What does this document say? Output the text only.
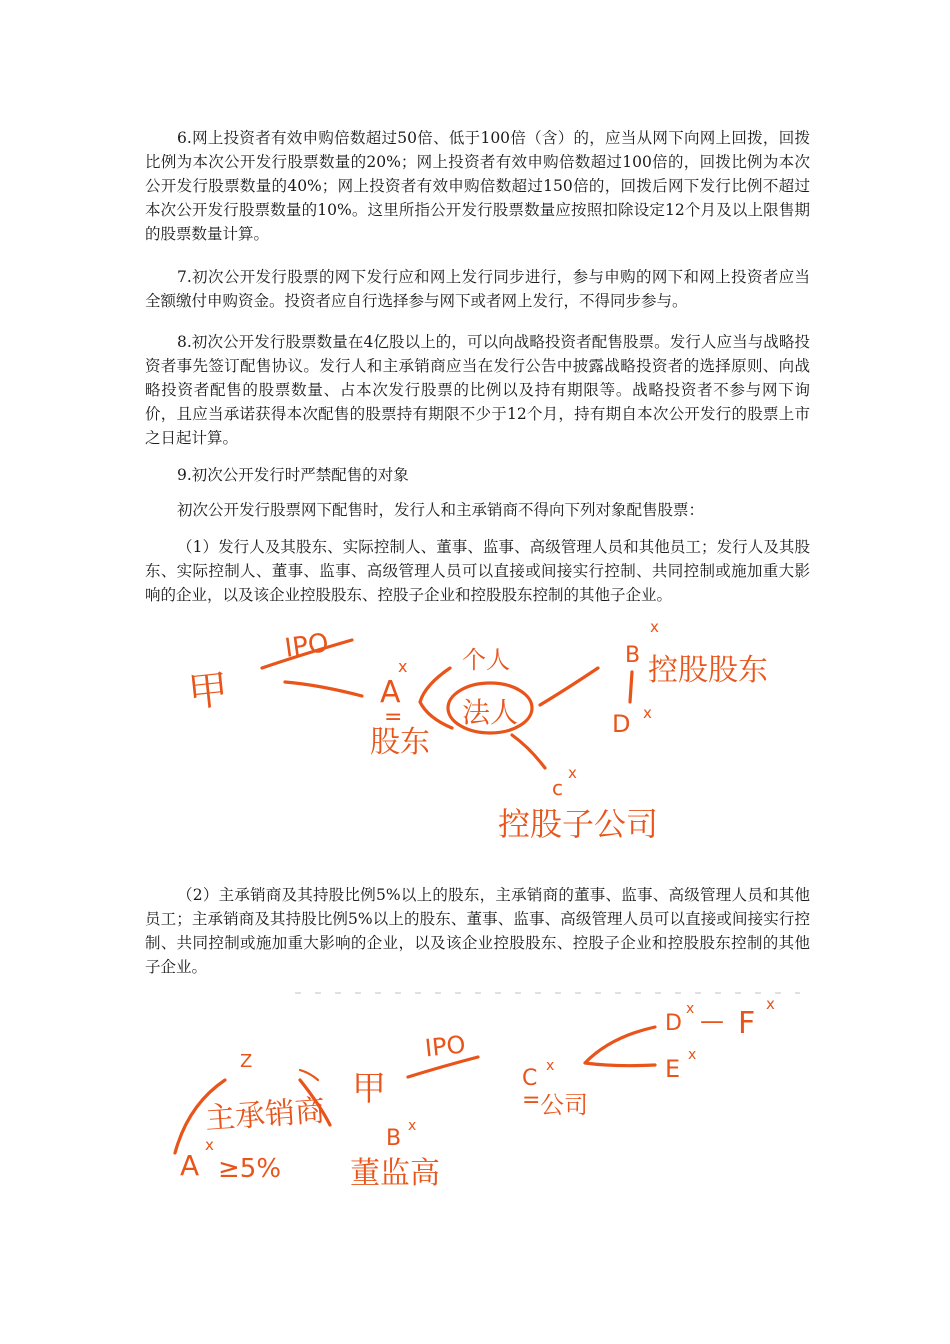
6.网上投资者有效申购倍数超过50倍、低于100倍（含）的，应当从网下向网上回拨，回拨比例为本次公开发行股票数量的20%；网上投资者有效申购倍数超过100倍的，回拨比例为本次公开发行股票数量的40%；网上投资者有效申购倍数超过150倍的，回拨后网下发行比例不超过本次公开发行股票数量的10%。这里所指公开发行股票数量应按照扣除设定12个月及以上限售期的股票数量计算。

7.初次公开发行股票的网下发行应和网上发行同步进行，参与申购的网下和网上投资者应当全额缴付申购资金。投资者应自行选择参与网下或者网上发行，不得同步参与。

8.初次公开发行股票数量在4亿股以上的，可以向战略投资者配售股票。发行人应当与战略投资者事先签订配售协议。发行人和主承销商应当在发行公告中披露战略投资者的选择原则、向战略投资者配售的股票数量、占本次发行股票的比例以及持有期限等。战略投资者不参与网下询价，且应当承诺获得本次配售的股票持有期限不少于12个月，持有期自本次公开发行的股票上市之日起计算。

9.初次公开发行时严禁配售的对象

初次公开发行股票网下配售时，发行人和主承销商不得向下列对象配售股票：

（1）发行人及其股东、实际控制人、董事、监事、高级管理人员和其他员工；发行人及其股东、实际控制人、董事、监事、高级管理人员可以直接或间接实行控制、共同控制或施加重大影响的企业，以及该企业控股股东、控股子企业和控股股东控制的其他子企业。

甲
IPO
x
A
=
股东
个人
法人
B
x
控股股东
D x
c
x
控股子公司

（2）主承销商及其持股比例5%以上的股东，主承销商的董事、监事、高级管理人员和其他员工；主承销商及其持股比例5%以上的股东、董事、监事、高级管理人员可以直接或间接实行控制、共同控制或施加重大影响的企业，以及该企业控股股东、控股子企业和控股股东控制的其他子企业。

Z
主承销商
A
x
≥5%
甲
IPO
B x
董监高
C x
= 公司
D
x — F
x
E x
